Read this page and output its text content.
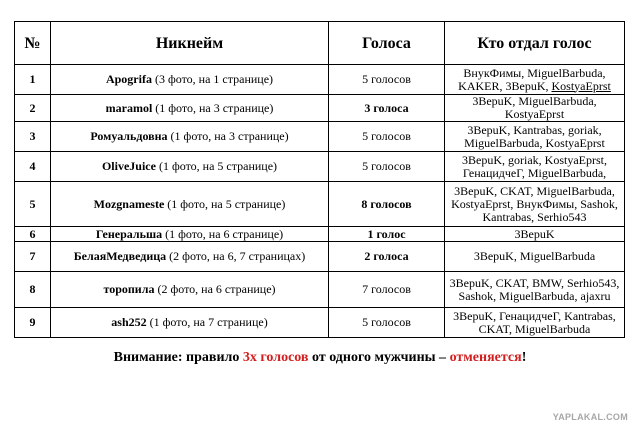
№	Никнейм	Голоса	Кто отдал голос
1	Apogrifa (3 фото, на 1 странице)	5 голосов	ВнукФимы, MiguelBarbuda, KAKER, 3BepuK, KostyaEprst
2	maramol (1 фото, на 3 странице)	3 голоса	3BepuK, MiguelBarbuda, KostyaEprst
3	Ромуальдовна (1 фото, на 3 странице)	5 голосов	3BepuK, Kantrabas, goriak, MiguelBarbuda, KostyaEprst
4	OliveJuice (1 фото, на 5 странице)	5 голосов	3BepuK, goriak, KostyaEprst, ГенацидчеГ, MiguelBarbuda,
5	Mozgnameste (1 фото, на 5 странице)	8 голосов	3BepuK, CKAT, MiguelBarbuda, KostyaEprst, ВнукФимы, Sashok, Kantrabas, Serhio543
6	Генеральша (1 фото, на 6 странице)	1 голос	3BepuK
7	БелаяМедведица (2 фото, на 6, 7 страницах)	2 голоса	3BepuK, MiguelBarbuda
8	торопила (2 фото, на 6 странице)	7 голосов	3BepuK, CKAT, BMW, Serhio543, Sashok, MiguelBarbuda, ajaxru
9	ash252 (1 фото, на 7 странице)	5 голосов	3BepuK, ГенацидчеГ, Kantrabas, CKAT, MiguelBarbuda
Внимание: правило 3х голосов от одного мужчины – отменяется!
YAPLAKAL.COM
